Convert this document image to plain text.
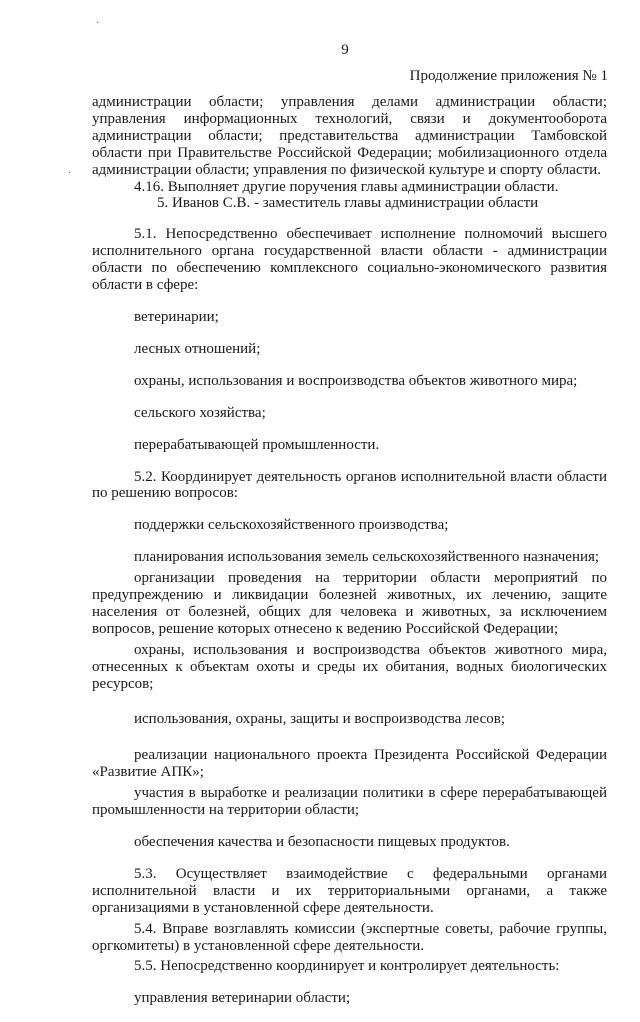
9
Продолжение приложения № 1
·
·

администрации области; управления делами администрации области; управления информационных технологий, связи и документооборота администрации области; представительства администрации Тамбовской области при Правительстве Российской Федерации; мобилизационного отдела администрации области; управления по физической культуре и спорту области.

4.16. Выполняет другие поручения главы администрации области.

5. Иванов С.В. - заместитель главы администрации области

5.1. Непосредственно обеспечивает исполнение полномочий высшего исполнительного органа государственной власти области - администрации области по обеспечению комплексного социально-экономического развития области в сфере:

ветеринарии;

лесных отношений;

охраны, использования и воспроизводства объектов животного мира;

сельского хозяйства;

перерабатывающей промышленности.

5.2. Координирует деятельность органов исполнительной власти области по решению вопросов:

поддержки сельскохозяйственного производства;

планирования использования земель сельскохозяйственного назначения;

организации проведения на территории области мероприятий по предупреждению и ликвидации болезней животных, их лечению, защите населения от болезней, общих для человека и животных, за исключением вопросов, решение которых отнесено к ведению Российской Федерации;

охраны, использования и воспроизводства объектов животного мира, отнесенных к объектам охоты и среды их обитания, водных биологических ресурсов;

использования, охраны, защиты и воспроизводства лесов;

реализации национального проекта Президента Российской Федерации «Развитие АПК»;

участия в выработке и реализации политики в сфере перерабатывающей промышленности на территории области;

обеспечения качества и безопасности пищевых продуктов.

5.3. Осуществляет взаимодействие с федеральными органами исполнительной власти и их территориальными органами, а также организациями в установленной сфере деятельности.

5.4. Вправе возглавлять комиссии (экспертные советы, рабочие группы, оргкомитеты) в установленной сфере деятельности.

5.5. Непосредственно координирует и контролирует деятельность:

управления ветеринарии области;
